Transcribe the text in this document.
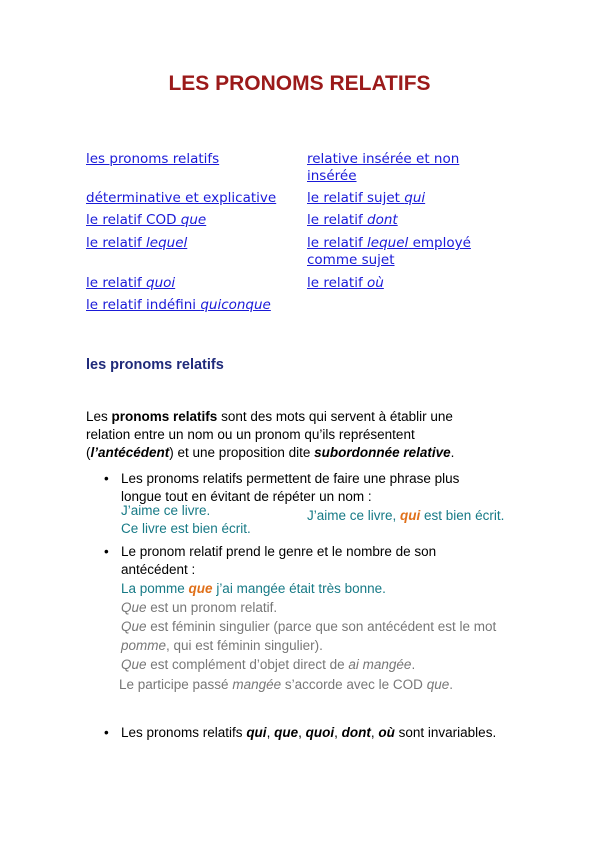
LES PRONOMS RELATIFS
les pronoms relatifs
déterminative et explicative
le relatif COD que
le relatif lequel
le relatif quoi
le relatif indéfini quiconque
relative insérée et non
insérée
le relatif sujet qui
le relatif dont
le relatif lequel employé
comme sujet
le relatif où
les pronoms relatifs

Les pronoms relatifs sont des mots qui servent à établir une
relation entre un nom ou un pronom qu’ils représentent
(l’antécédent) et une proposition dite subordonnée relative.

• Les pronoms relatifs permettent de faire une phrase plus
longue tout en évitant de répéter un nom :
J’aime ce livre.
Ce livre est bien écrit.
J’aime ce livre, qui est bien écrit.
• Le pronom relatif prend le genre et le nombre de son
antécédent :
La pomme que j’ai mangée était très bonne.
Que est un pronom relatif.
Que est féminin singulier (parce que son antécédent est le mot
pomme, qui est féminin singulier).
Que est complément d’objet direct de ai mangée.
Le participe passé mangée s’accorde avec le COD que.
• Les pronoms relatifs qui, que, quoi, dont, où sont invariables.
